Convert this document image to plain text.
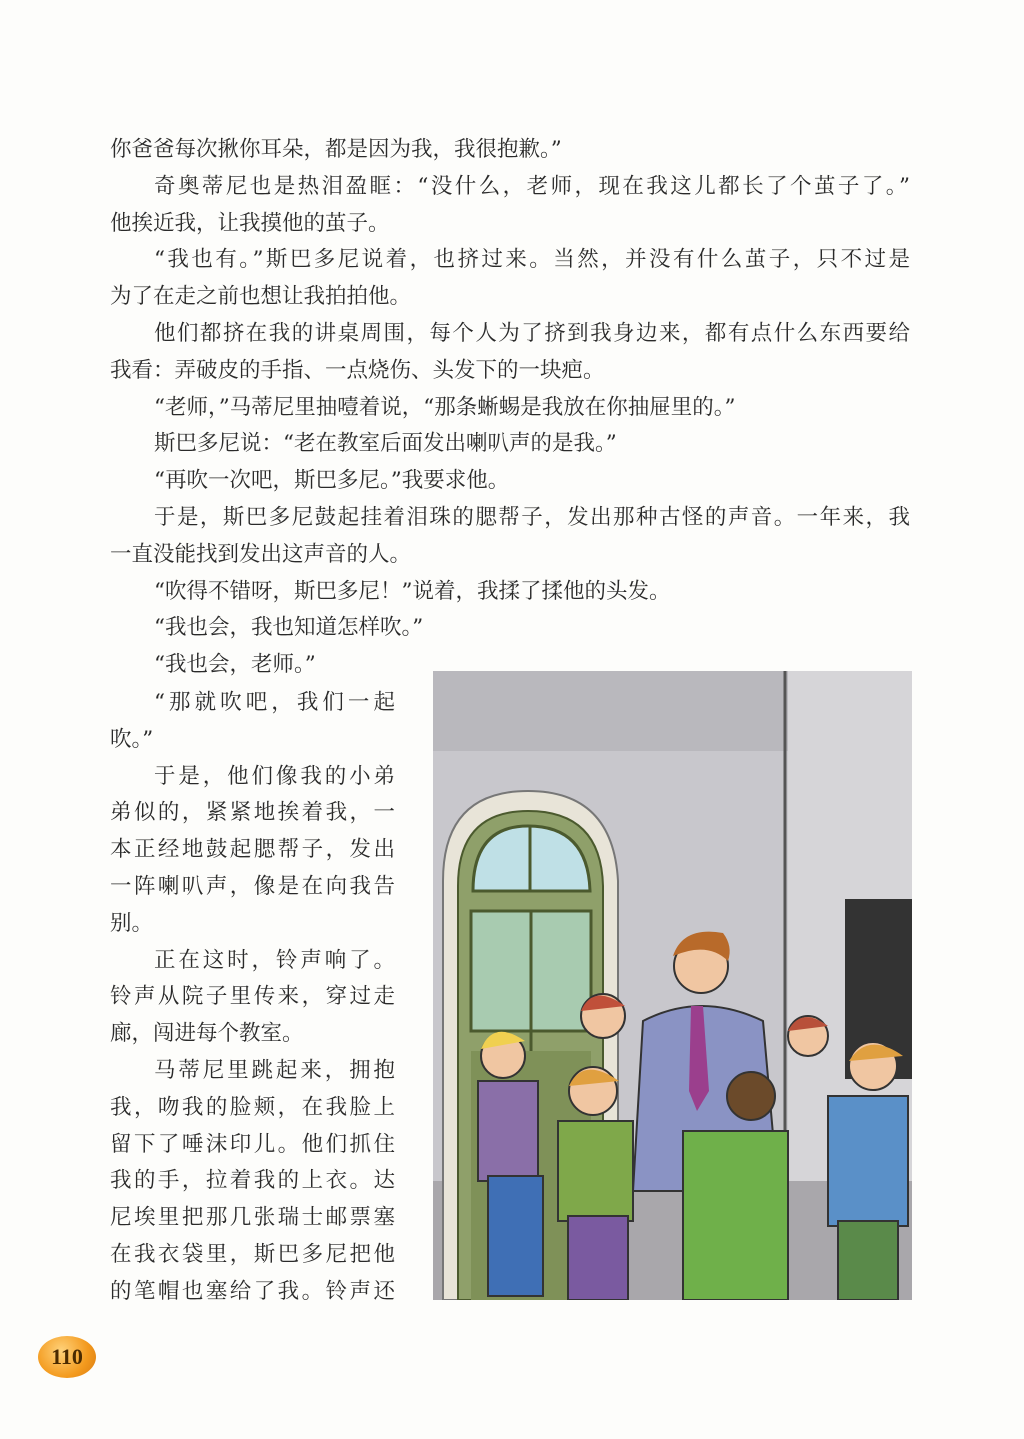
你爸爸每次揪你耳朵，都是因为我，我很抱歉。”
奇奥蒂尼也是热泪盈眶：“没什么，老师，现在我这儿都长了个茧子了。”
他挨近我，让我摸他的茧子。
“我也有。”斯巴多尼说着，也挤过来。当然，并没有什么茧子，只不过是
为了在走之前也想让我拍拍他。
他们都挤在我的讲桌周围，每个人为了挤到我身边来，都有点什么东西要给
我看：弄破皮的手指、一点烧伤、头发下的一块疤。
“老师，”马蒂尼里抽噎着说，“那条蜥蜴是我放在你抽屉里的。”
斯巴多尼说：“老在教室后面发出喇叭声的是我。”
“再吹一次吧，斯巴多尼。”我要求他。
于是，斯巴多尼鼓起挂着泪珠的腮帮子，发出那种古怪的声音。一年来，我
一直没能找到发出这声音的人。
“吹得不错呀，斯巴多尼！”说着，我揉了揉他的头发。
“我也会，我也知道怎样吹。”
“我也会，老师。”
“那就吹吧，我们一起
吹。”
于是，他们像我的小弟
弟似的，紧紧地挨着我，一
本正经地鼓起腮帮子，发出
一阵喇叭声，像是在向我告
别。
正在这时，铃声响了。
铃声从院子里传来，穿过走
廊，闯进每个教室。
马蒂尼里跳起来，拥抱
我，吻我的脸颊，在我脸上
留下了唾沫印儿。他们抓住
我的手，拉着我的上衣。达
尼埃里把那几张瑞士邮票塞
在我衣袋里，斯巴多尼把他
的笔帽也塞给了我。铃声还
110
